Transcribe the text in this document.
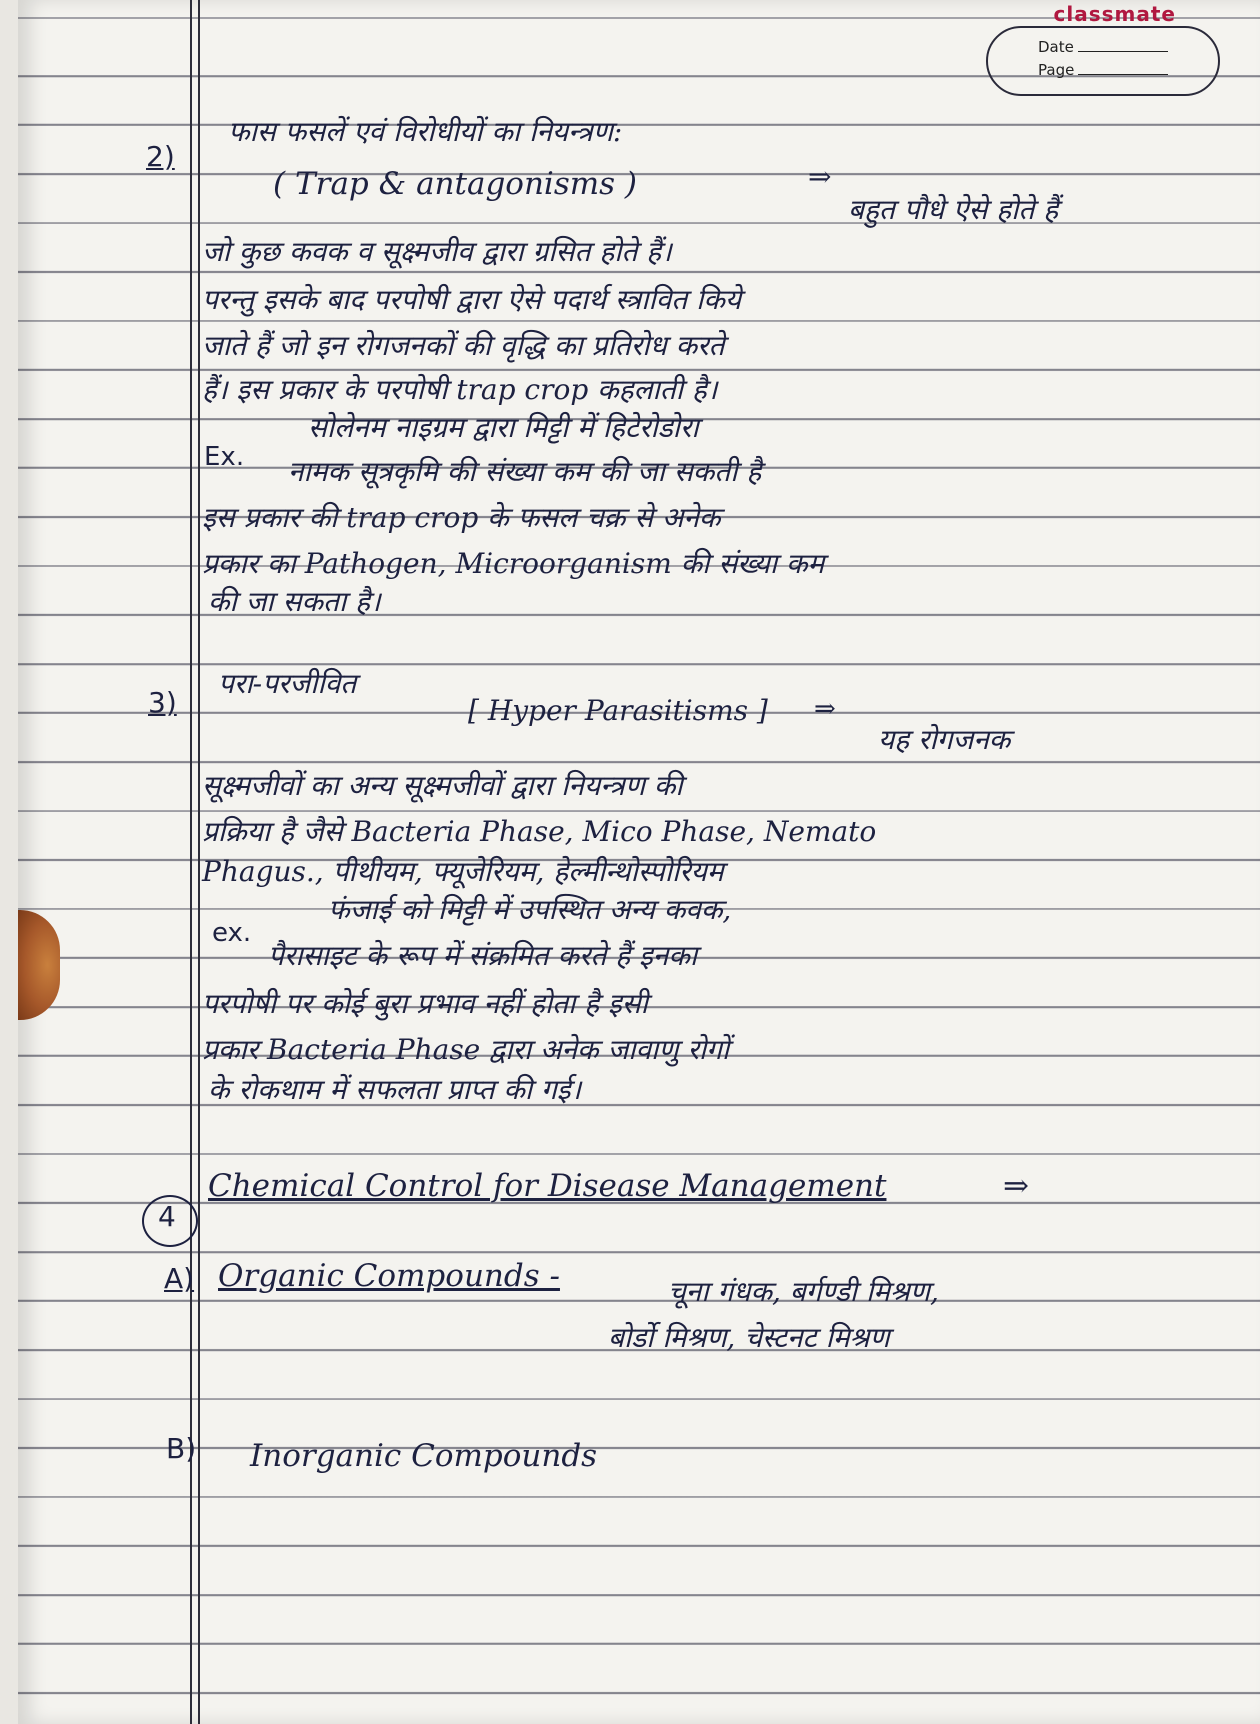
classmate
Date
Page
2)
फास फसलें एवं विरोधीयों का नियन्त्रण:
( Trap & antagonisms )	⇒
बहुत पौधे ऐसे होते हैं
जो कुछ कवक व सूक्ष्मजीव द्वारा ग्रसित होते हैं।
परन्तु इसके बाद परपोषी द्वारा ऐसे पदार्थ स्त्रावित किये
जाते हैं जो इन रोगजनकों की वृद्धि का प्रतिरोध करते
हैं। इस प्रकार के परपोषी trap crop कहलाती है।
सोलेनम नाइग्रम द्वारा मिट्टी में हिटेरोडोरा
Ex. नामक सूत्रकृमि की संख्या कम की जा सकती है
इस प्रकार की trap crop के फसल चक्र से अनेक
प्रकार का Pathogen, Microorganism की संख्या कम
की जा सकता है।
3)
परा-परजीवित
[ Hyper Parasitisms ] ⇒
यह रोगजनक
सूक्ष्मजीवों का अन्य सूक्ष्मजीवों द्वारा नियन्त्रण की
प्रक्रिया है जैसे Bacteria Phase, Mico Phase, Nemato
Phagus., पीथीयम, फ्यूजेरियम, हेल्मीन्थोस्पोरियम
फंजाई को मिट्टी में उपस्थित अन्य कवक,
ex.
पैरासाइट के रूप में संक्रमित करते हैं इनका
परपोषी पर कोई बुरा प्रभाव नहीं होता है इसी
प्रकार Bacteria Phase द्वारा अनेक जावाणु रोगों
के रोकथाम में सफलता प्राप्त की गई।
4
Chemical Control for Disease Management	⇒
A) Organic Compounds -	चूना गंधक, बर्गण्डी मिश्रण,
बोर्डो मिश्रण, चेस्टनट मिश्रण
B) Inorganic Compounds
